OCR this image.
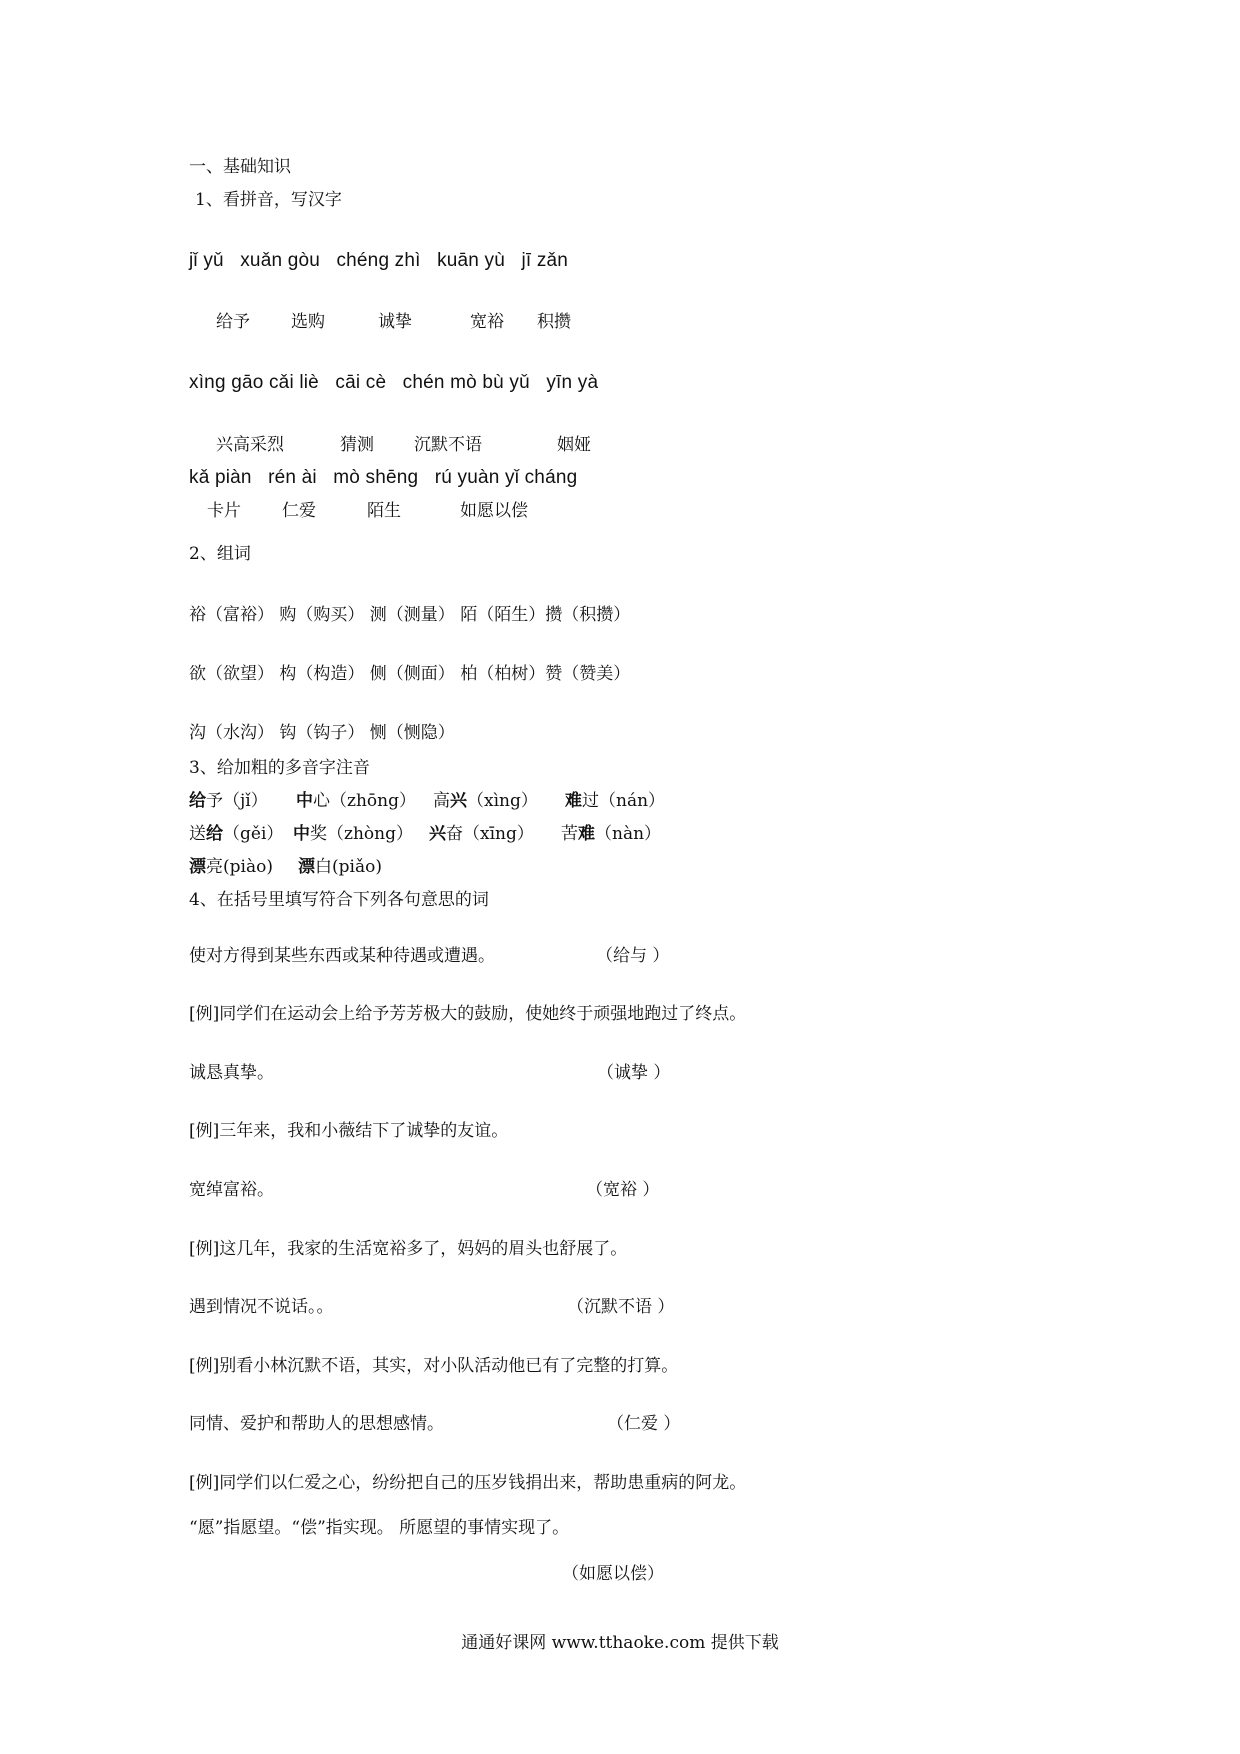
一、基础知识
1、看拼音，写汉字
jǐ yǔ   xuǎn gòu   chéng zhì   kuān yù   jī zǎn
给予 选购	诚挚	宽裕 积攒
xìng gāo cǎi liè   cāi cè   chén mò bù yǔ   yīn yà
兴高采烈	猜测 沉默不语	姻娅
kǎ piàn   rén ài   mò shēng   rú yuàn yǐ cháng
卡片 仁爱	陌生	如愿以偿
2、组词
裕（富裕） 购（购买） 测（测量） 陌（陌生）攒（积攒）
欲（欲望） 构（构造） 侧（侧面） 柏（柏树）赞（赞美）
沟（水沟） 钩（钩子） 恻（恻隐）
3、给加粗的多音字注音
给予（jǐ） 中心（zhōng） 高兴（xìng） 难过（nán）
送给（gěi） 中奖（zhòng） 兴奋（xīng） 苦难（nàn）
漂亮(piào) 漂白(piǎo)
4、在括号里填写符合下列各句意思的词
使对方得到某些东西或某种待遇或遭遇。	（给与 ）
[例]同学们在运动会上给予芳芳极大的鼓励，使她终于顽强地跑过了终点。
诚恳真挚。	（诚挚 ）
[例]三年来，我和小薇结下了诚挚的友谊。
宽绰富裕。	（宽裕 ）
[例]这几年，我家的生活宽裕多了，妈妈的眉头也舒展了。
遇到情况不说话。。	（沉默不语 ）
[例]别看小林沉默不语，其实，对小队活动他已有了完整的打算。
同情、爱护和帮助人的思想感情。	（仁爱 ）
[例]同学们以仁爱之心，纷纷把自己的压岁钱捐出来，帮助患重病的阿龙。
“愿”指愿望。“偿”指实现。 所愿望的事情实现了。
（如愿以偿）
通通好课网 www.tthaoke.com 提供下载
